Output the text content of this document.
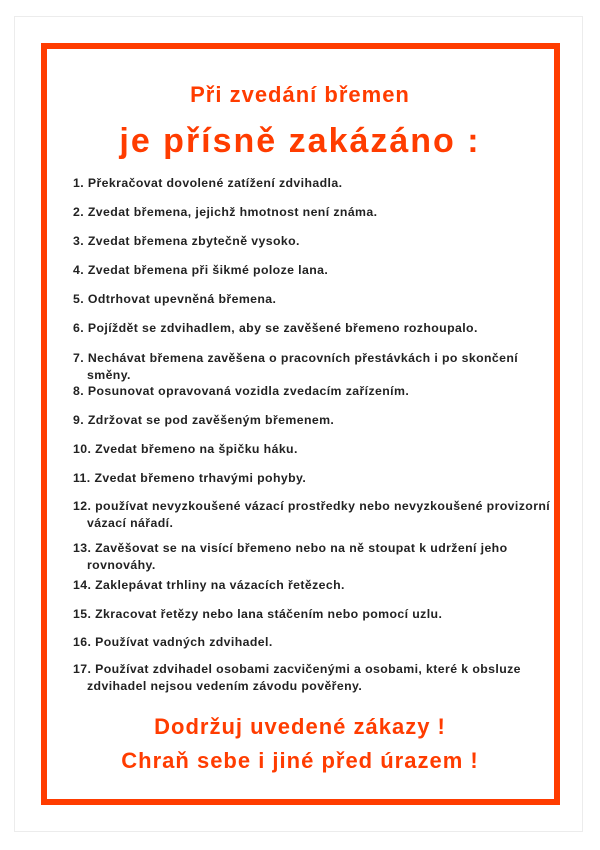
Při zvedání břemen
je přísně zakázáno :
1. Překračovat dovolené zatížení zdvihadla.
2. Zvedat břemena, jejichž hmotnost není známa.
3. Zvedat břemena zbytečně vysoko.
4. Zvedat břemena při šikmé poloze lana.
5. Odtrhovat upevněná břemena.
6. Pojíždět se zdvihadlem, aby se zavěšené břemeno rozhoupalo.
7. Nechávat břemena zavěšena o pracovních přestávkách i po skončení
směny.
8. Posunovat opravovaná vozidla zvedacím zařízením.
9. Zdržovat se pod zavěšeným břemenem.
10. Zvedat břemeno na špičku háku.
11. Zvedat břemeno trhavými pohyby.
12. používat nevyzkoušené vázací prostředky nebo nevyzkoušené provizorní
vázací nářadí.
13. Zavěšovat se na visící břemeno nebo na ně stoupat k udržení jeho
rovnováhy.
14. Zaklepávat trhliny na vázacích řetězech.
15. Zkracovat řetězy nebo lana stáčením nebo pomocí uzlu.
16. Používat vadných zdvihadel.
17. Používat zdvihadel osobami zacvičenými a osobami, které k obsluze
zdvihadel nejsou vedením závodu pověřeny.
Dodržuj uvedené zákazy !
Chraň sebe i jiné před úrazem !
